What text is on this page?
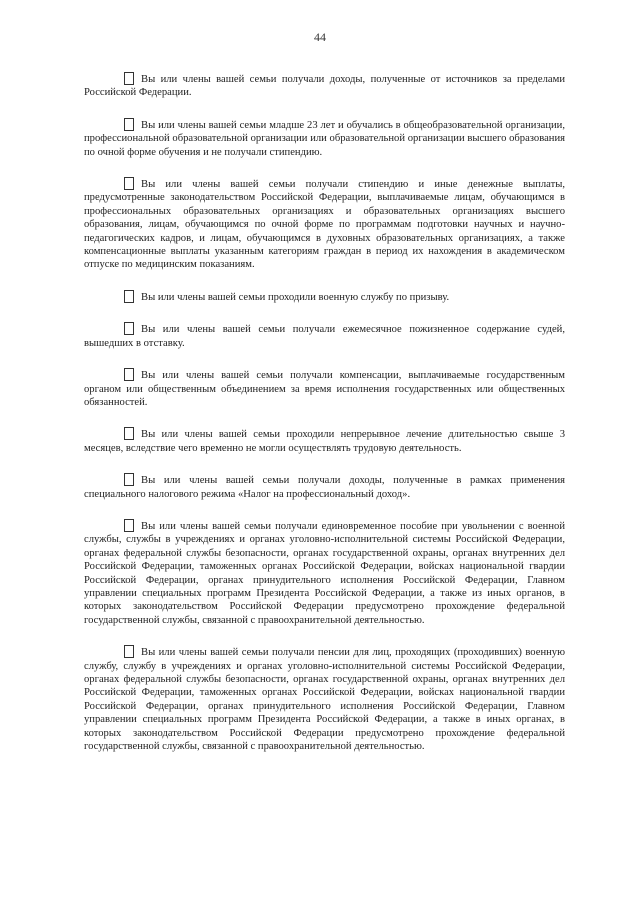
44

Вы или члены вашей семьи получали доходы, полученные от источников за пределами Российской Федерации.

Вы или члены вашей семьи младше 23 лет и обучались в общеобразовательной организации, профессиональной образовательной организации или образовательной организации высшего образования по очной форме обучения и не получали стипендию.

Вы или члены вашей семьи получали стипендию и иные денежные выплаты, предусмотренные законодательством Российской Федерации, выплачиваемые лицам, обучающимся в профессиональных образовательных организациях и образовательных организациях высшего образования, лицам, обучающимся по очной форме по программам подготовки научных и научно-педагогических кадров, и лицам, обучающимся в духовных образовательных организациях, а также компенсационные выплаты указанным категориям граждан в период их нахождения в академическом отпуске по медицинским показаниям.

Вы или члены вашей семьи проходили военную службу по призыву.

Вы или члены вашей семьи получали ежемесячное пожизненное содержание судей, вышедших в отставку.

Вы или члены вашей семьи получали компенсации, выплачиваемые государственным органом или общественным объединением за время исполнения государственных или общественных обязанностей.

Вы или члены вашей семьи проходили непрерывное лечение длительностью свыше 3 месяцев, вследствие чего временно не могли осуществлять трудовую деятельность.

Вы или члены вашей семьи получали доходы, полученные в рамках применения специального налогового режима «Налог на профессиональный доход».

Вы или члены вашей семьи получали единовременное пособие при увольнении с военной службы, службы в учреждениях и органах уголовно-исполнительной системы Российской Федерации, органах федеральной службы безопасности, органах государственной охраны, органах внутренних дел Российской Федерации, таможенных органах Российской Федерации, войсках национальной гвардии Российской Федерации, органах принудительного исполнения Российской Федерации, Главном управлении специальных программ Президента Российской Федерации, а также из иных органов, в которых законодательством Российской Федерации предусмотрено прохождение федеральной государственной службы, связанной с правоохранительной деятельностью.

Вы или члены вашей семьи получали пенсии для лиц, проходящих (проходивших) военную службу, службу в учреждениях и органах уголовно-исполнительной системы Российской Федерации, органах федеральной службы безопасности, органах государственной охраны, органах внутренних дел Российской Федерации, таможенных органах Российской Федерации, войсках национальной гвардии Российской Федерации, органах принудительного исполнения Российской Федерации, Главном управлении специальных программ Президента Российской Федерации, а также в иных органах, в которых законодательством Российской Федерации предусмотрено прохождение федеральной государственной службы, связанной с правоохранительной деятельностью.
